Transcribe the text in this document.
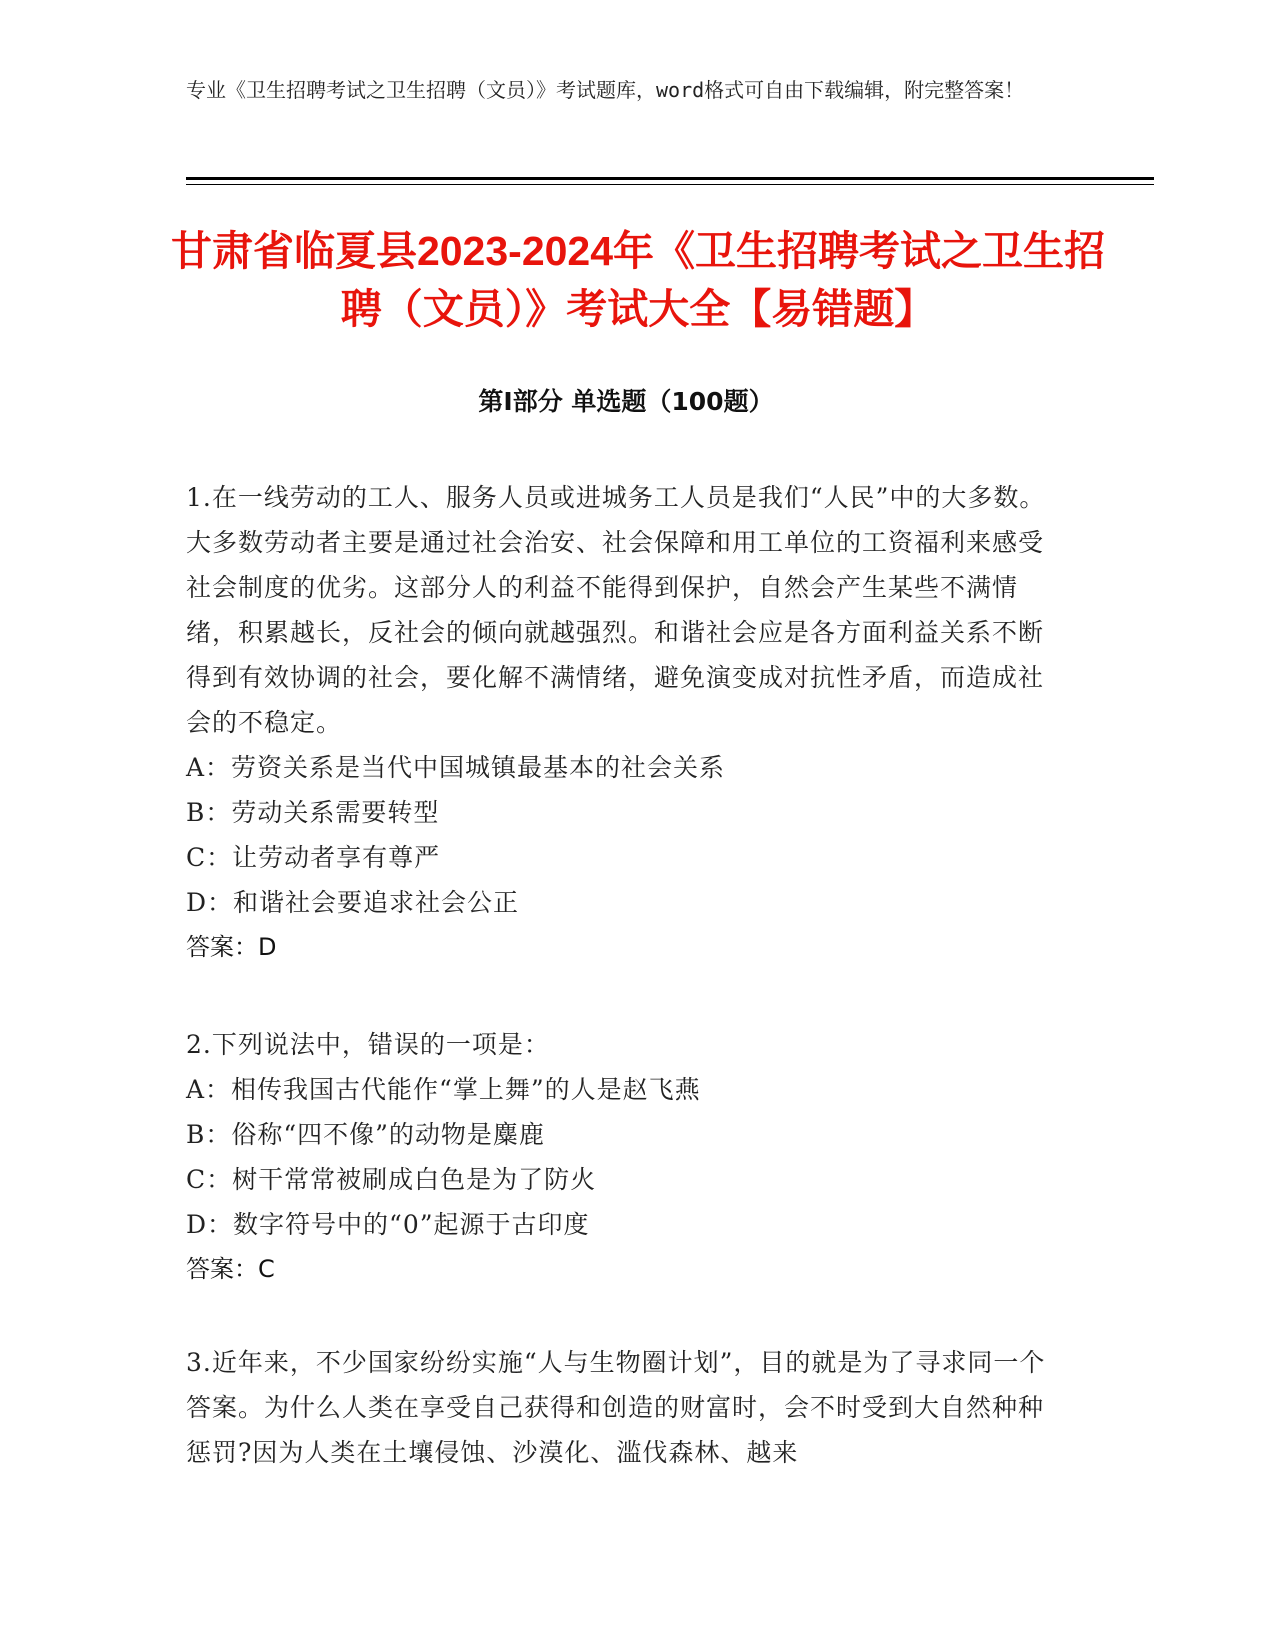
专业《卫生招聘考试之卫生招聘（文员）》考试题库，word格式可自由下载编辑，附完整答案！
甘肃省临夏县2023-2024年《卫生招聘考试之卫生招聘（文员）》考试大全【易错题】
第Ⅰ部分 单选题（100题）

1.在一线劳动的工人、服务人员或进城务工人员是我们“人民”中的大多数。大多数劳动者主要是通过社会治安、社会保障和用工单位的工资福利来感受社会制度的优劣。这部分人的利益不能得到保护，自然会产生某些不满情绪，积累越长，反社会的倾向就越强烈。和谐社会应是各方面利益关系不断得到有效协调的社会，要化解不满情绪，避免演变成对抗性矛盾，而造成社会的不稳定。

A：劳资关系是当代中国城镇最基本的社会关系

B：劳动关系需要转型

C：让劳动者享有尊严

D：和谐社会要追求社会公正

答案：D

2.下列说法中，错误的一项是：

A：相传我国古代能作“掌上舞”的人是赵飞燕

B：俗称“四不像”的动物是麋鹿

C：树干常常被刷成白色是为了防火

D：数字符号中的“0”起源于古印度

答案：C

3.近年来，不少国家纷纷实施“人与生物圈计划”，目的就是为了寻求同一个答案。为什么人类在享受自己获得和创造的财富时，会不时受到大自然种种惩罚?因为人类在土壤侵蚀、沙漠化、滥伐森林、越来
